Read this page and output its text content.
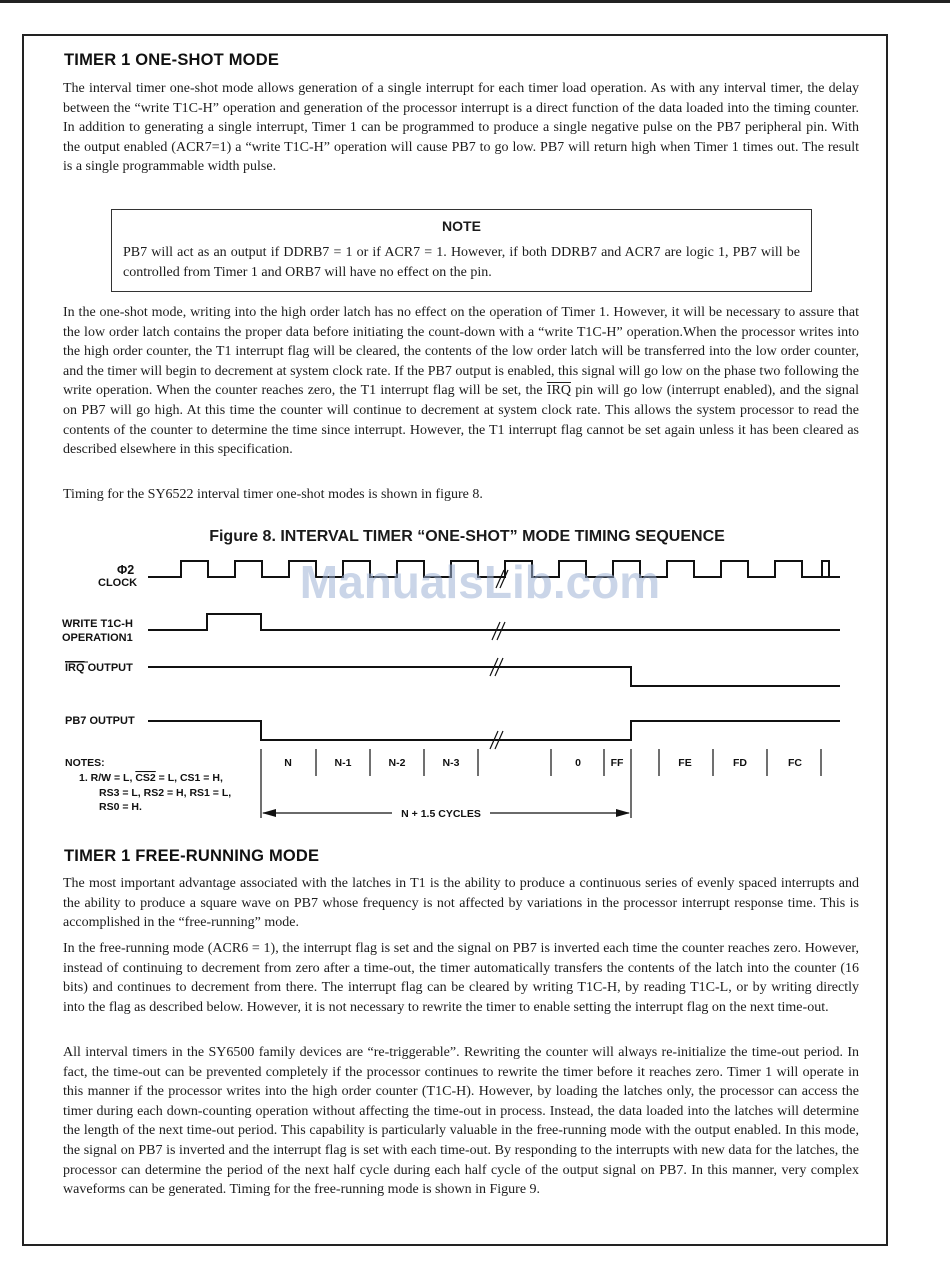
TIMER 1 ONE-SHOT MODE
The interval timer one-shot mode allows generation of a single interrupt for each timer load operation. As with any interval timer, the delay between the “write T1C-H” operation and generation of the processor interrupt is a direct function of the data loaded into the timing counter. In addition to generating a single interrupt, Timer 1 can be programmed to produce a single negative pulse on the PB7 peripheral pin. With the output enabled (ACR7=1) a “write T1C-H” operation will cause PB7 to go low. PB7 will return high when Timer 1 times out. The result is a single programmable width pulse.
NOTE
PB7 will act as an output if DDRB7 = 1 or if ACR7 = 1. However, if both DDRB7 and ACR7 are logic 1, PB7 will be controlled from Timer 1 and ORB7 will have no effect on the pin.
In the one-shot mode, writing into the high order latch has no effect on the operation of Timer 1. However, it will be necessary to assure that the low order latch contains the proper data before initiating the count-down with a “write T1C-H” operation.When the processor writes into the high order counter, the T1 interrupt flag will be cleared, the contents of the low order latch will be transferred into the low order counter, and the timer will begin to decrement at system clock rate. If the PB7 output is enabled, this signal will go low on the phase two following the write operation. When the counter reaches zero, the T1 interrupt flag will be set, the $\overline{IRQ}$ pin will go low (interrupt enabled), and the signal on PB7 will go high. At this time the counter will continue to decrement at system clock rate. This allows the system processor to read the contents of the counter to determine the time since interrupt. However, the T1 interrupt flag cannot be set again unless it has been cleared as described elsewhere in this specification.
Timing for the SY6522 interval timer one-shot modes is shown in figure 8.
Figure 8. INTERVAL TIMER “ONE-SHOT” MODE TIMING SEQUENCE
Φ2
CLOCK
WRITE T1C-H
OPERATION1
IRQ OUTPUT
PB7 OUTPUT
N	N-1	N-2	N-3	0	FF	FE	FD	FC
N + 1.5 CYCLES
NOTES:
1. R/W = L, CS2 = L, CS1 = H,
RS3 = L, RS2 = H, RS1 = L,
RS0 = H.
ManualsLib.com
TIMER 1 FREE-RUNNING MODE
The most important advantage associated with the latches in T1 is the ability to produce a continuous series of evenly spaced interrupts and the ability to produce a square wave on PB7 whose frequency is not affected by variations in the processor interrupt response time. This is accomplished in the “free-running” mode.
In the free-running mode (ACR6 = 1), the interrupt flag is set and the signal on PB7 is inverted each time the counter reaches zero. However, instead of continuing to decrement from zero after a time-out, the timer automatically transfers the contents of the latch into the counter (16 bits) and continues to decrement from there. The interrupt flag can be cleared by writing T1C-H, by reading T1C-L, or by writing directly into the flag as described below. However, it is not necessary to rewrite the timer to enable setting the interrupt flag on the next time-out.
All interval timers in the SY6500 family devices are “re-triggerable”. Rewriting the counter will always re-initialize the time-out period. In fact, the time-out can be prevented completely if the processor continues to rewrite the timer before it reaches zero. Timer 1 will operate in this manner if the processor writes into the high order counter (T1C-H). However, by loading the latches only, the processor can access the timer during each down-counting operation without affecting the time-out in process. Instead, the data loaded into the latches will determine the length of the next time-out period. This capability is particularly valuable in the free-running mode with the output enabled. In this mode, the signal on PB7 is inverted and the interrupt flag is set with each time-out. By responding to the interrupts with new data for the latches, the processor can determine the period of the next half cycle during each half cycle of the output signal on PB7. In this manner, very complex waveforms can be generated. Timing for the free-running mode is shown in Figure 9.
